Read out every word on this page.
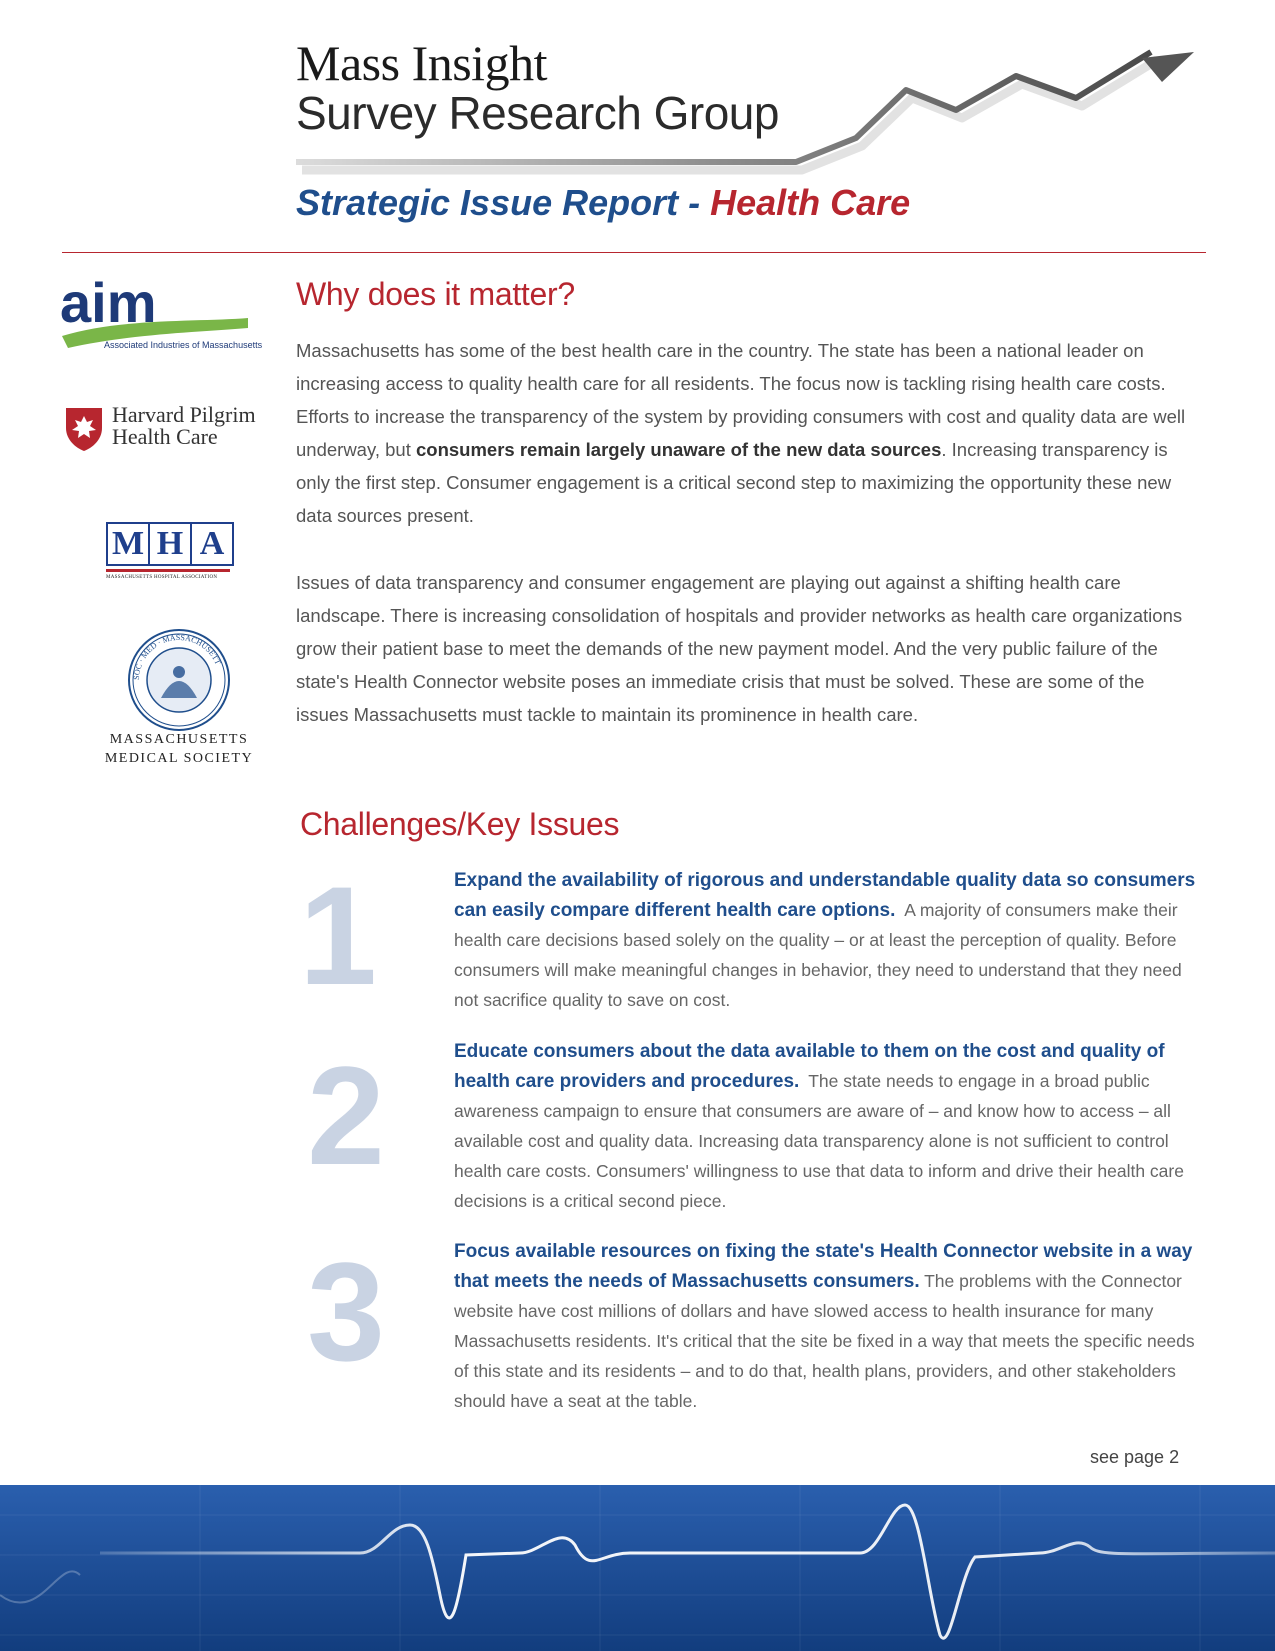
Mass Insight
Survey Research Group
Strategic Issue Report - Health Care
aim
Associated Industries of Massachusetts
Harvard Pilgrim
Health Care
M H A
MASSACHUSETTS HOSPITAL ASSOCIATION
SOC · MED · MASSACHUSETT
MASSACHUSETTS
MEDICAL SOCIETY
Why does it matter?
Massachusetts has some of the best health care in the country. The state has been a national leader on increasing access to quality health care for all residents. The focus now is tackling rising health care costs. Efforts to increase the transparency of the system by providing consumers with cost and quality data are well underway, but consumers remain largely unaware of the new data sources. Increasing transparency is only the first step. Consumer engagement is a critical second step to maximizing the opportunity these new data sources present.
Issues of data transparency and consumer engagement are playing out against a shifting health care landscape. There is increasing consolidation of hospitals and provider networks as health care organizations grow their patient base to meet the demands of the new payment model. And the very public failure of the state's Health Connector website poses an immediate crisis that must be solved. These are some of the issues Massachusetts must tackle to maintain its prominence in health care.
Challenges/Key Issues
1	Expand the availability of rigorous and understandable quality data so consumers can easily compare different health care options. A majority of consumers make their health care decisions based solely on the quality – or at least the perception of quality. Before consumers will make meaningful changes in behavior, they need to understand that they need not sacrifice quality to save on cost.
2	Educate consumers about the data available to them on the cost and quality of health care providers and procedures. The state needs to engage in a broad public awareness campaign to ensure that consumers are aware of – and know how to access – all available cost and quality data. Increasing data transparency alone is not sufficient to control health care costs. Consumers' willingness to use that data to inform and drive their health care decisions is a critical second piece.
3	Focus available resources on fixing the state's Health Connector website in a way that meets the needs of Massachusetts consumers. The problems with the Connector website have cost millions of dollars and have slowed access to health insurance for many Massachusetts residents. It's critical that the site be fixed in a way that meets the specific needs of this state and its residents – and to do that, health plans, providers, and other stakeholders should have a seat at the table.
see page 2
